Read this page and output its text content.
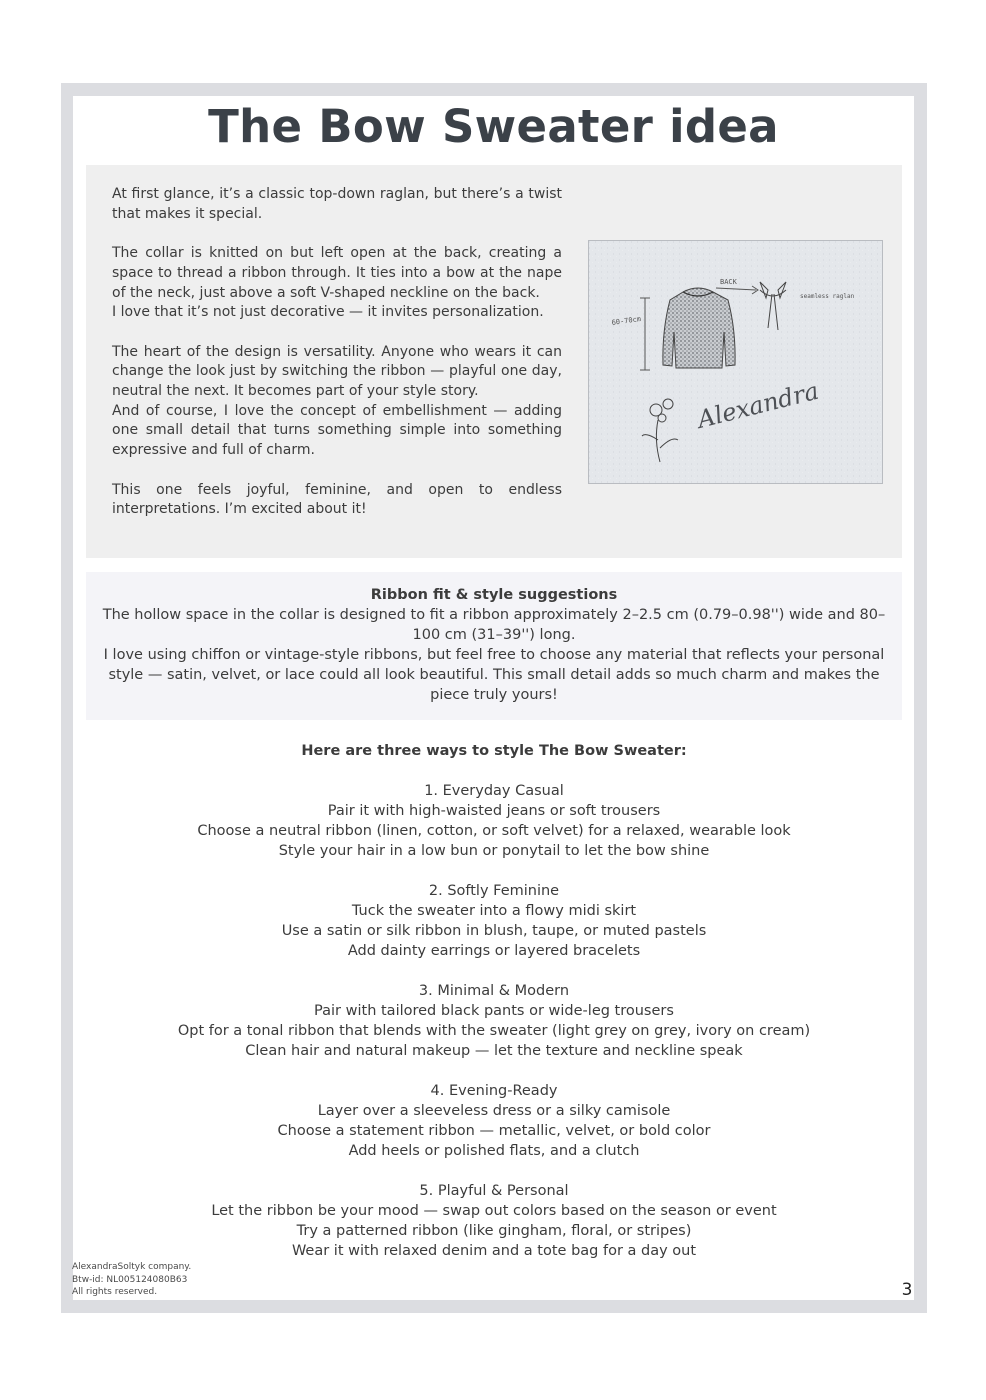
The Bow Sweater idea

At first glance, it’s a classic top-down raglan, but there’s a twist that makes it special.

The collar is knitted on but left open at the back, creating a space to thread a ribbon through. It ties into a bow at the nape of the neck, just above a soft V-shaped neckline on the back.
I love that it’s not just decorative — it invites personalization.

The heart of the design is versatility. Anyone who wears it can change the look just by switching the ribbon — playful one day, neutral the next. It becomes part of your style story.
And of course, I love the concept of embellishment — adding one small detail that turns something simple into something expressive and full of charm.

This one feels joyful, feminine, and open to endless interpretations. I’m excited about it!

60-70cm
BACK
seamless raglan
Alexandra
Ribbon fit & style suggestions
The hollow space in the collar is designed to fit a ribbon approximately 2–2.5 cm (0.79–0.98'') wide and 80–100 cm (31–39'') long.
I love using chiffon or vintage-style ribbons, but feel free to choose any material that reflects your personal style — satin, velvet, or lace could all look beautiful. This small detail adds so much charm and makes the piece truly yours!
Here are three ways to style The Bow Sweater:
1. Everyday Casual
Pair it with high-waisted jeans or soft trousers
Choose a neutral ribbon (linen, cotton, or soft velvet) for a relaxed, wearable look
Style your hair in a low bun or ponytail to let the bow shine
2. Softly Feminine
Tuck the sweater into a flowy midi skirt
Use a satin or silk ribbon in blush, taupe, or muted pastels
Add dainty earrings or layered bracelets
3. Minimal & Modern
Pair with tailored black pants or wide-leg trousers
Opt for a tonal ribbon that blends with the sweater (light grey on grey, ivory on cream)
Clean hair and natural makeup — let the texture and neckline speak
4. Evening-Ready
Layer over a sleeveless dress or a silky camisole
Choose a statement ribbon — metallic, velvet, or bold color
Add heels or polished flats, and a clutch
5. Playful & Personal
Let the ribbon be your mood — swap out colors based on the season or event
Try a patterned ribbon (like gingham, floral, or stripes)
Wear it with relaxed denim and a tote bag for a day out
AlexandraSoltyk company.
Btw-id: NL005124080B63
All rights reserved.	3
